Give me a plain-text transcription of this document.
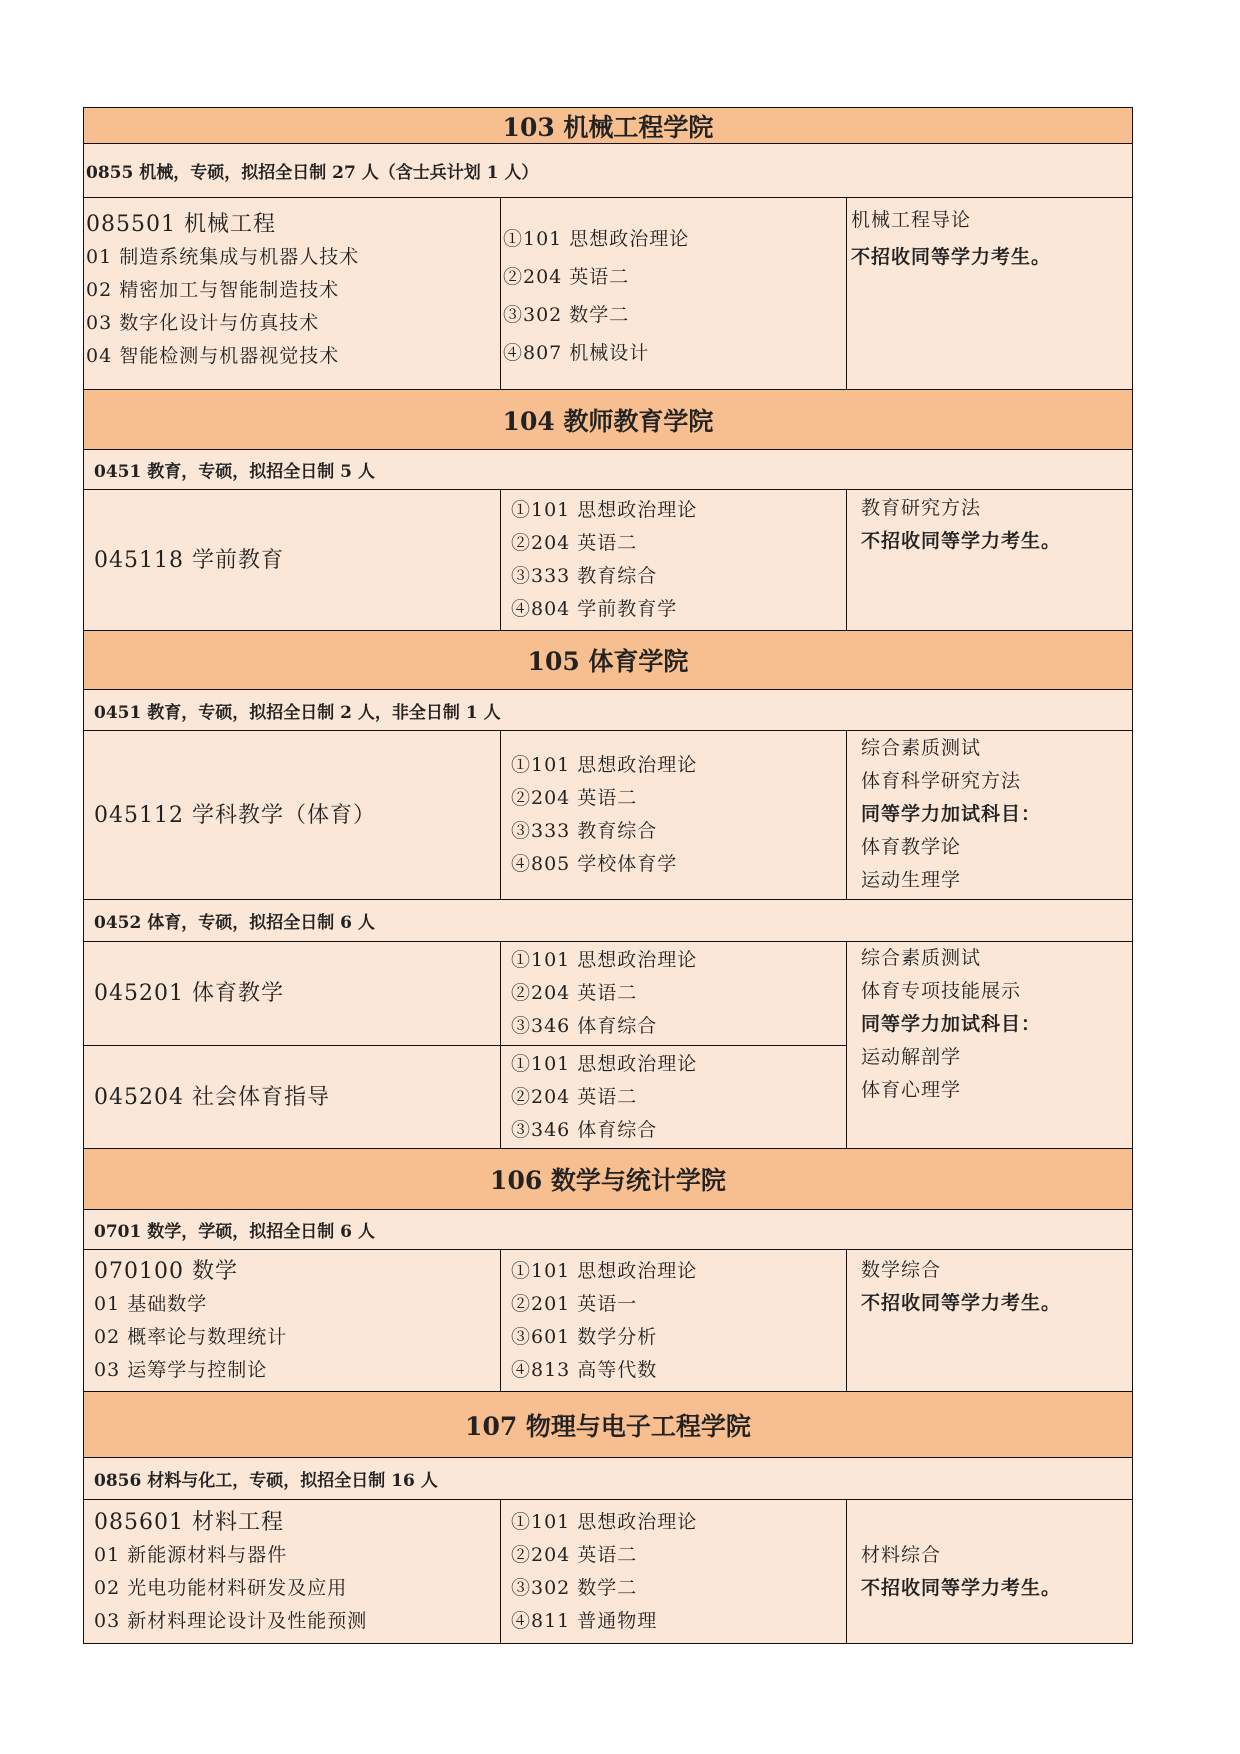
103 机械工程学院
0855 机械，专硕，拟招全日制 27 人（含士兵计划 1 人）
085501 机械工程
01 制造系统集成与机器人技术
02 精密加工与智能制造技术
03 数字化设计与仿真技术
04 智能检测与机器视觉技术
①101 思想政治理论
②204 英语二
③302 数学二
④807 机械设计
机械工程导论
不招收同等学力考生。
104 教师教育学院
0451 教育，专硕，拟招全日制 5 人
045118 学前教育
①101 思想政治理论
②204 英语二
③333 教育综合
④804 学前教育学
教育研究方法
不招收同等学力考生。
105 体育学院
0451 教育，专硕，拟招全日制 2 人，非全日制 1 人
045112 学科教学（体育）
①101 思想政治理论
②204 英语二
③333 教育综合
④805 学校体育学
综合素质测试
体育科学研究方法
同等学力加试科目：
体育教学论
运动生理学
0452 体育，专硕，拟招全日制 6 人
045201 体育教学
①101 思想政治理论
②204 英语二
③346 体育综合
045204 社会体育指导
①101 思想政治理论
②204 英语二
③346 体育综合
综合素质测试
体育专项技能展示
同等学力加试科目：
运动解剖学
体育心理学
106 数学与统计学院
0701 数学，学硕，拟招全日制 6 人
070100 数学
01 基础数学
02 概率论与数理统计
03 运筹学与控制论
①101 思想政治理论
②201 英语一
③601 数学分析
④813 高等代数
数学综合
不招收同等学力考生。
107 物理与电子工程学院
0856 材料与化工，专硕，拟招全日制 16 人
085601 材料工程
01 新能源材料与器件
02 光电功能材料研发及应用
03 新材料理论设计及性能预测
①101 思想政治理论
②204 英语二
③302 数学二
④811 普通物理
材料综合
不招收同等学力考生。
